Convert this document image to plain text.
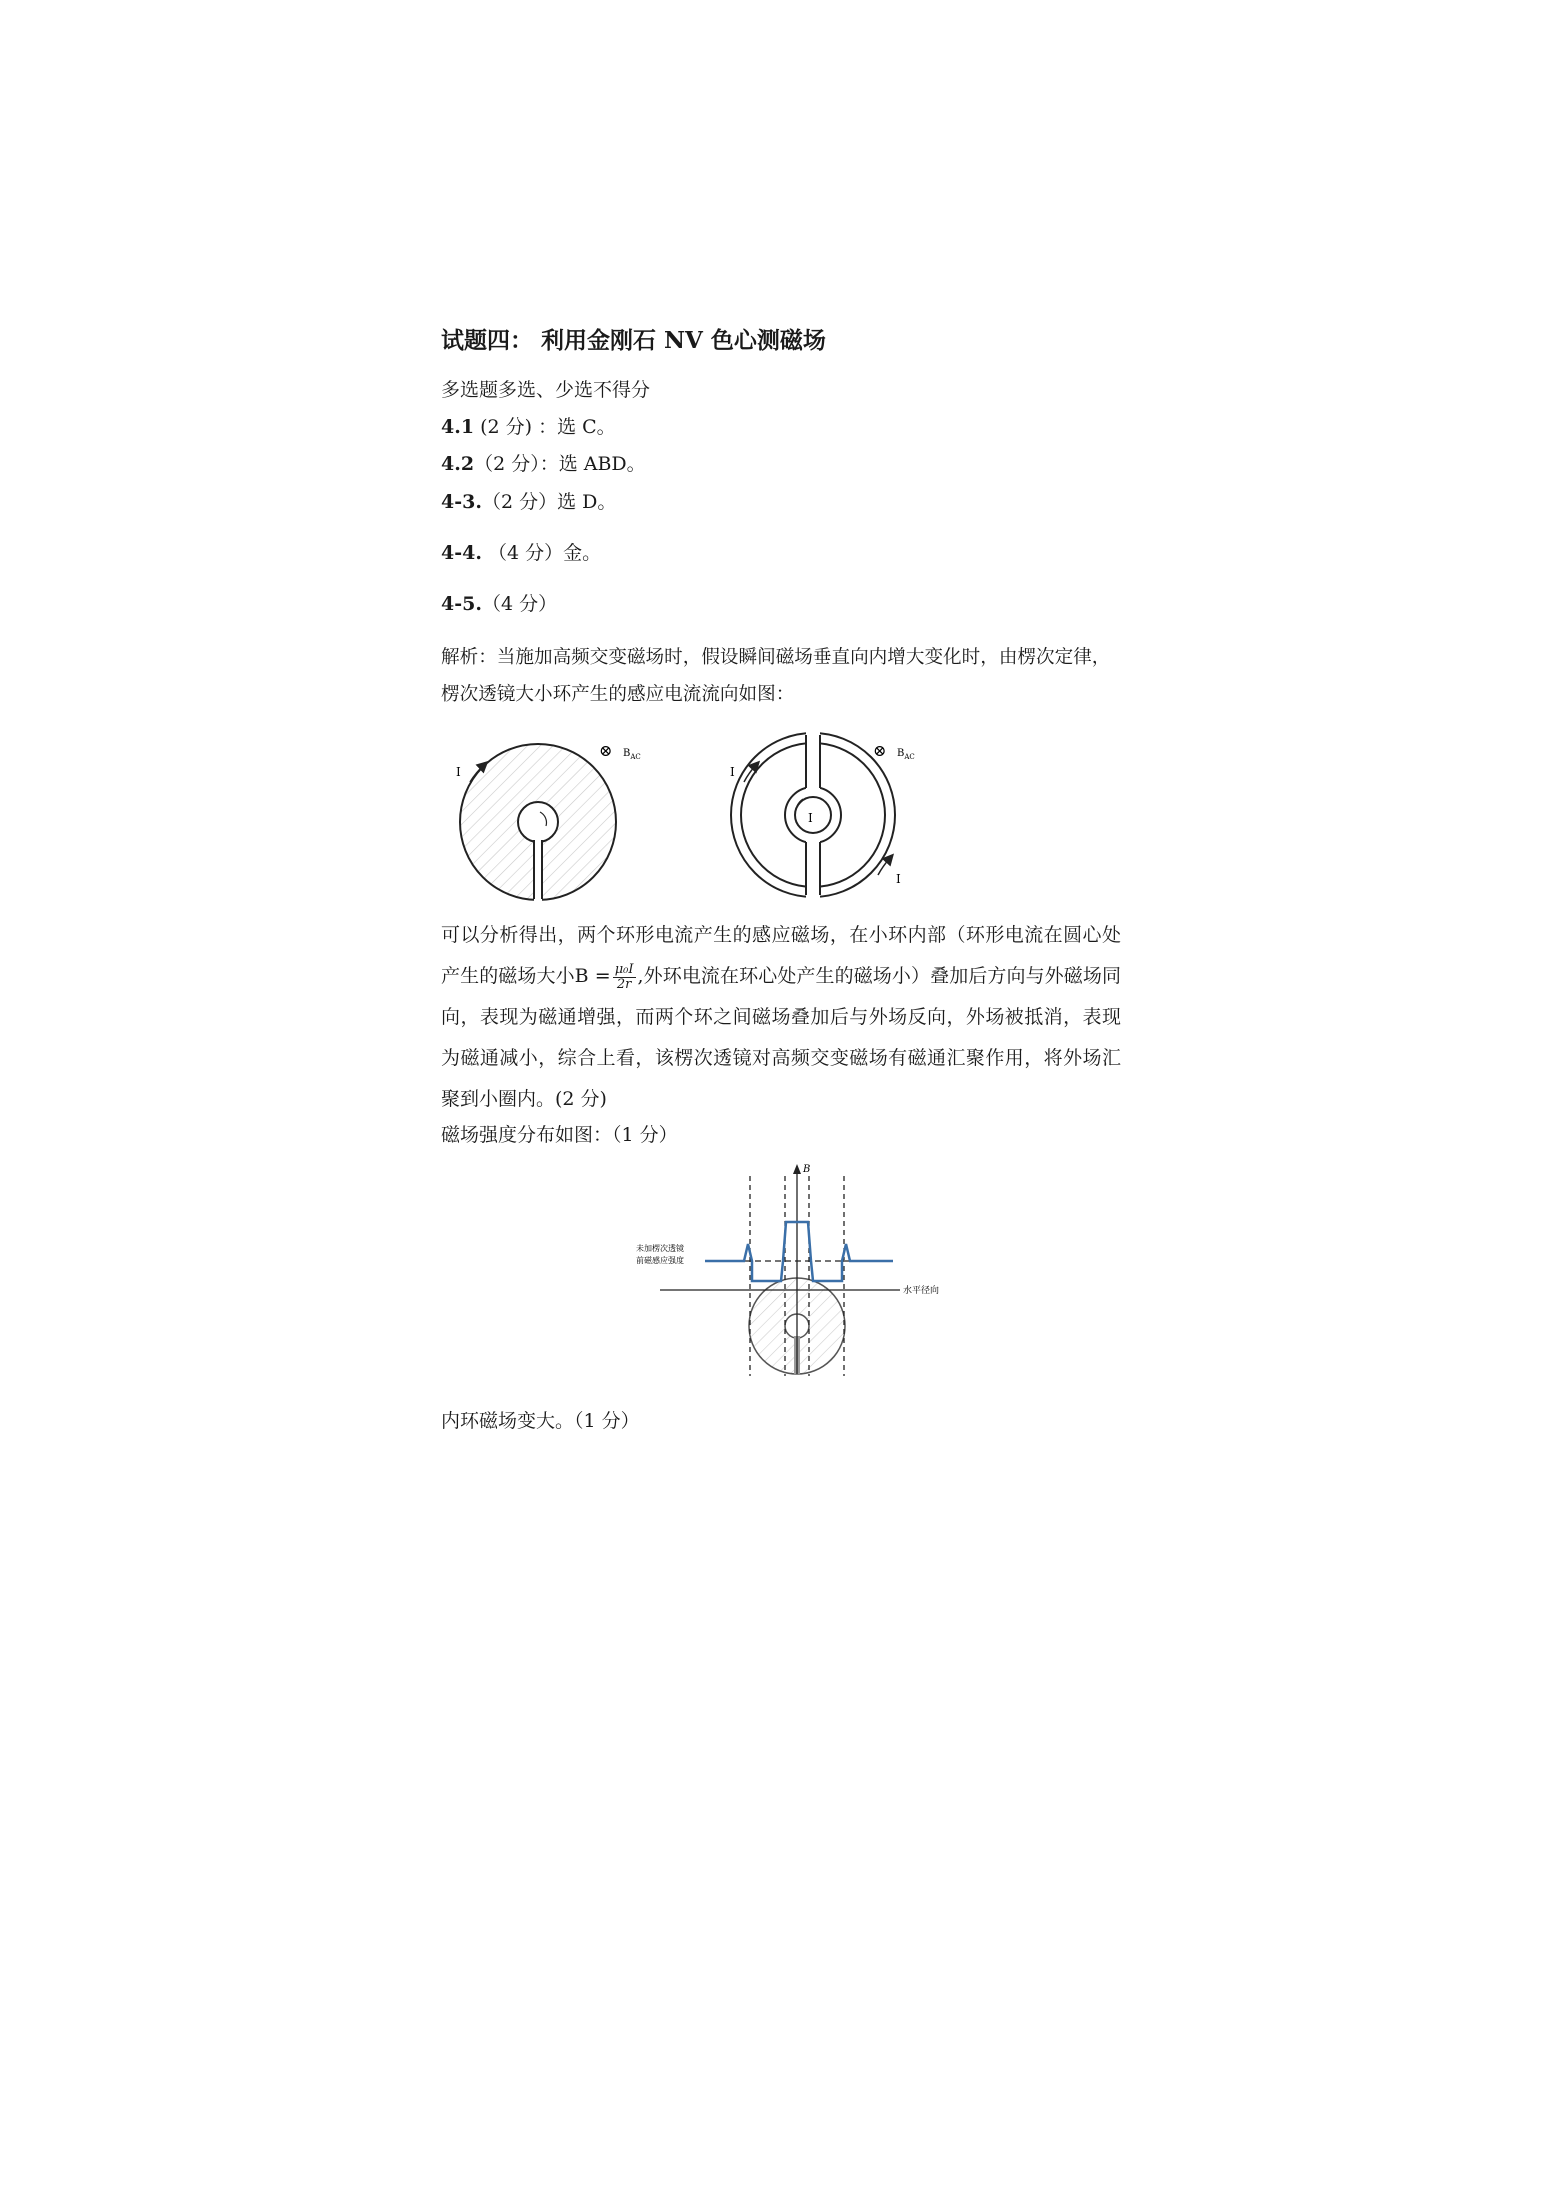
试题四： 利用金刚石 NV 色心测磁场
多选题多选、少选不得分
4.1 (2 分) ：选 C。
4.2（2 分）：选 ABD。
4-3.（2 分）选 D。
4-4. （4 分）金。
4-5.（4 分）
解析：当施加高频交变磁场时，假设瞬间磁场垂直向内增大变化时，由楞次定律，
楞次透镜大小环产生的感应电流流向如图：
I
⊗ $B_{AC}$
I
I
I
⊗ $B_{AC}$
可以分析得出，两个环形电流产生的感应磁场，在小环内部（环形电流在圆心处产生的磁场大小$B = \frac{\text{μ₀I}}{2r}$ ,外环电流在环心处产生的磁场小）叠加后方向与外磁场同向，表现为磁通增强，而两个环之间磁场叠加后与外场反向，外场被抵消，表现为磁通减小，综合上看，该楞次透镜对高频交变磁场有磁通汇聚作用，将外场汇聚到小圈内。(2 分)
磁场强度分布如图：（1 分）
B
水平径向
未加楞次透镜
前磁感应强度
内环磁场变大。（1 分）
